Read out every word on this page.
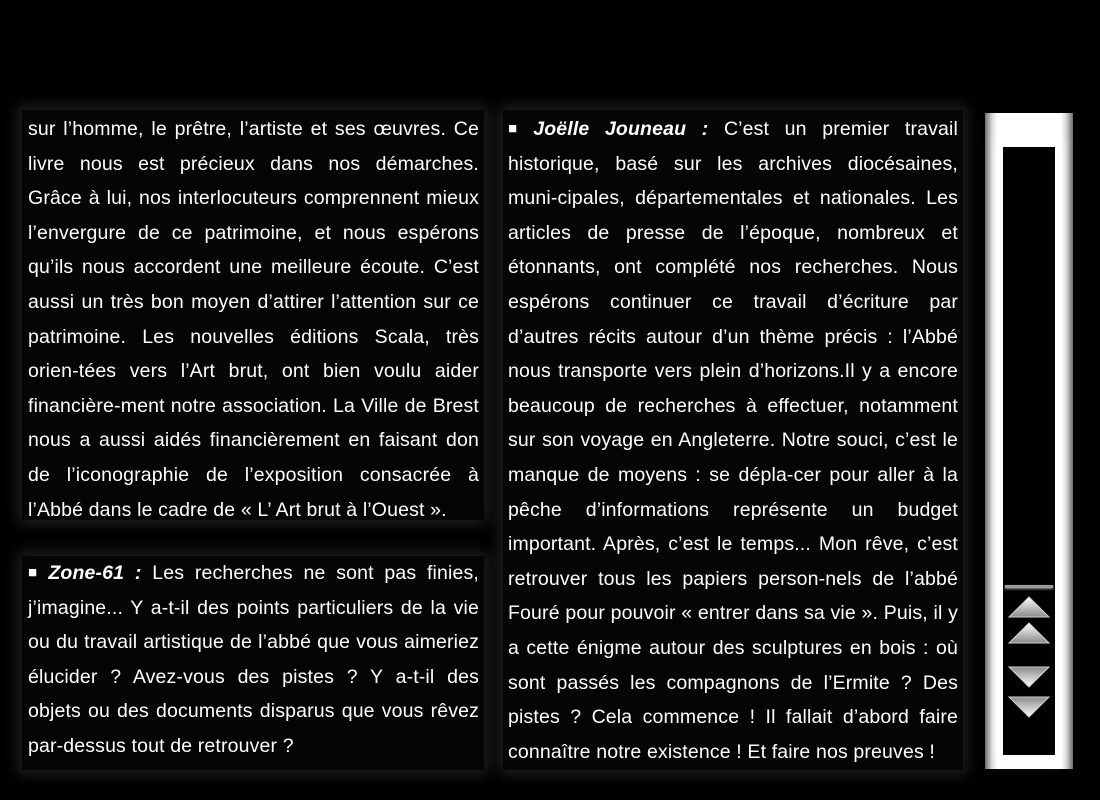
sur l’homme, le prêtre, l’artiste et ses œuvres. Ce livre nous est précieux dans nos démarches. Grâce à lui, nos interlocuteurs comprennent mieux l’envergure de ce patrimoine, et nous espérons qu’ils nous accordent une meilleure écoute. C’est aussi un très bon moyen d’attirer l’attention sur ce patrimoine. Les nouvelles éditions Scala, très orien-tées vers l’Art brut, ont bien voulu aider financière-ment notre association. La Ville de Brest nous a aussi aidés financièrement en faisant don de l’iconographie de l’exposition consacrée à l’Abbé dans le cadre de « L’ Art brut à l’Ouest ».

■ Zone-61 : Les recherches ne sont pas finies, j’imagine... Y a-t-il des points particuliers de la vie ou du travail artistique de l’abbé que vous aimeriez élucider ? Avez-vous des pistes ? Y a-t-il des objets ou des documents disparus que vous rêvez par-dessus tout de retrouver ?

■ Joëlle Jouneau : C’est un premier travail historique, basé sur les archives diocésaines, muni-cipales, départementales et nationales. Les articles de presse de l’époque, nombreux et étonnants, ont complété nos recherches. Nous espérons continuer ce travail d’écriture par d’autres récits autour d’un thème précis : l’Abbé nous transporte vers plein d’horizons.Il y a encore beaucoup de recherches à effectuer, notamment sur son voyage en Angleterre. Notre souci, c’est le manque de moyens : se dépla-cer pour aller à la pêche d’informations représente un budget important. Après, c’est le temps... Mon rêve, c’est retrouver tous les papiers person-nels de l’abbé Fouré pour pouvoir « entrer dans sa vie ». Puis, il y a cette énigme autour des sculptures en bois : où sont passés les compagnons de l’Ermite ? Des pistes ? Cela commence ! Il fallait d’abord faire connaître notre existence ! Et faire nos preuves !
